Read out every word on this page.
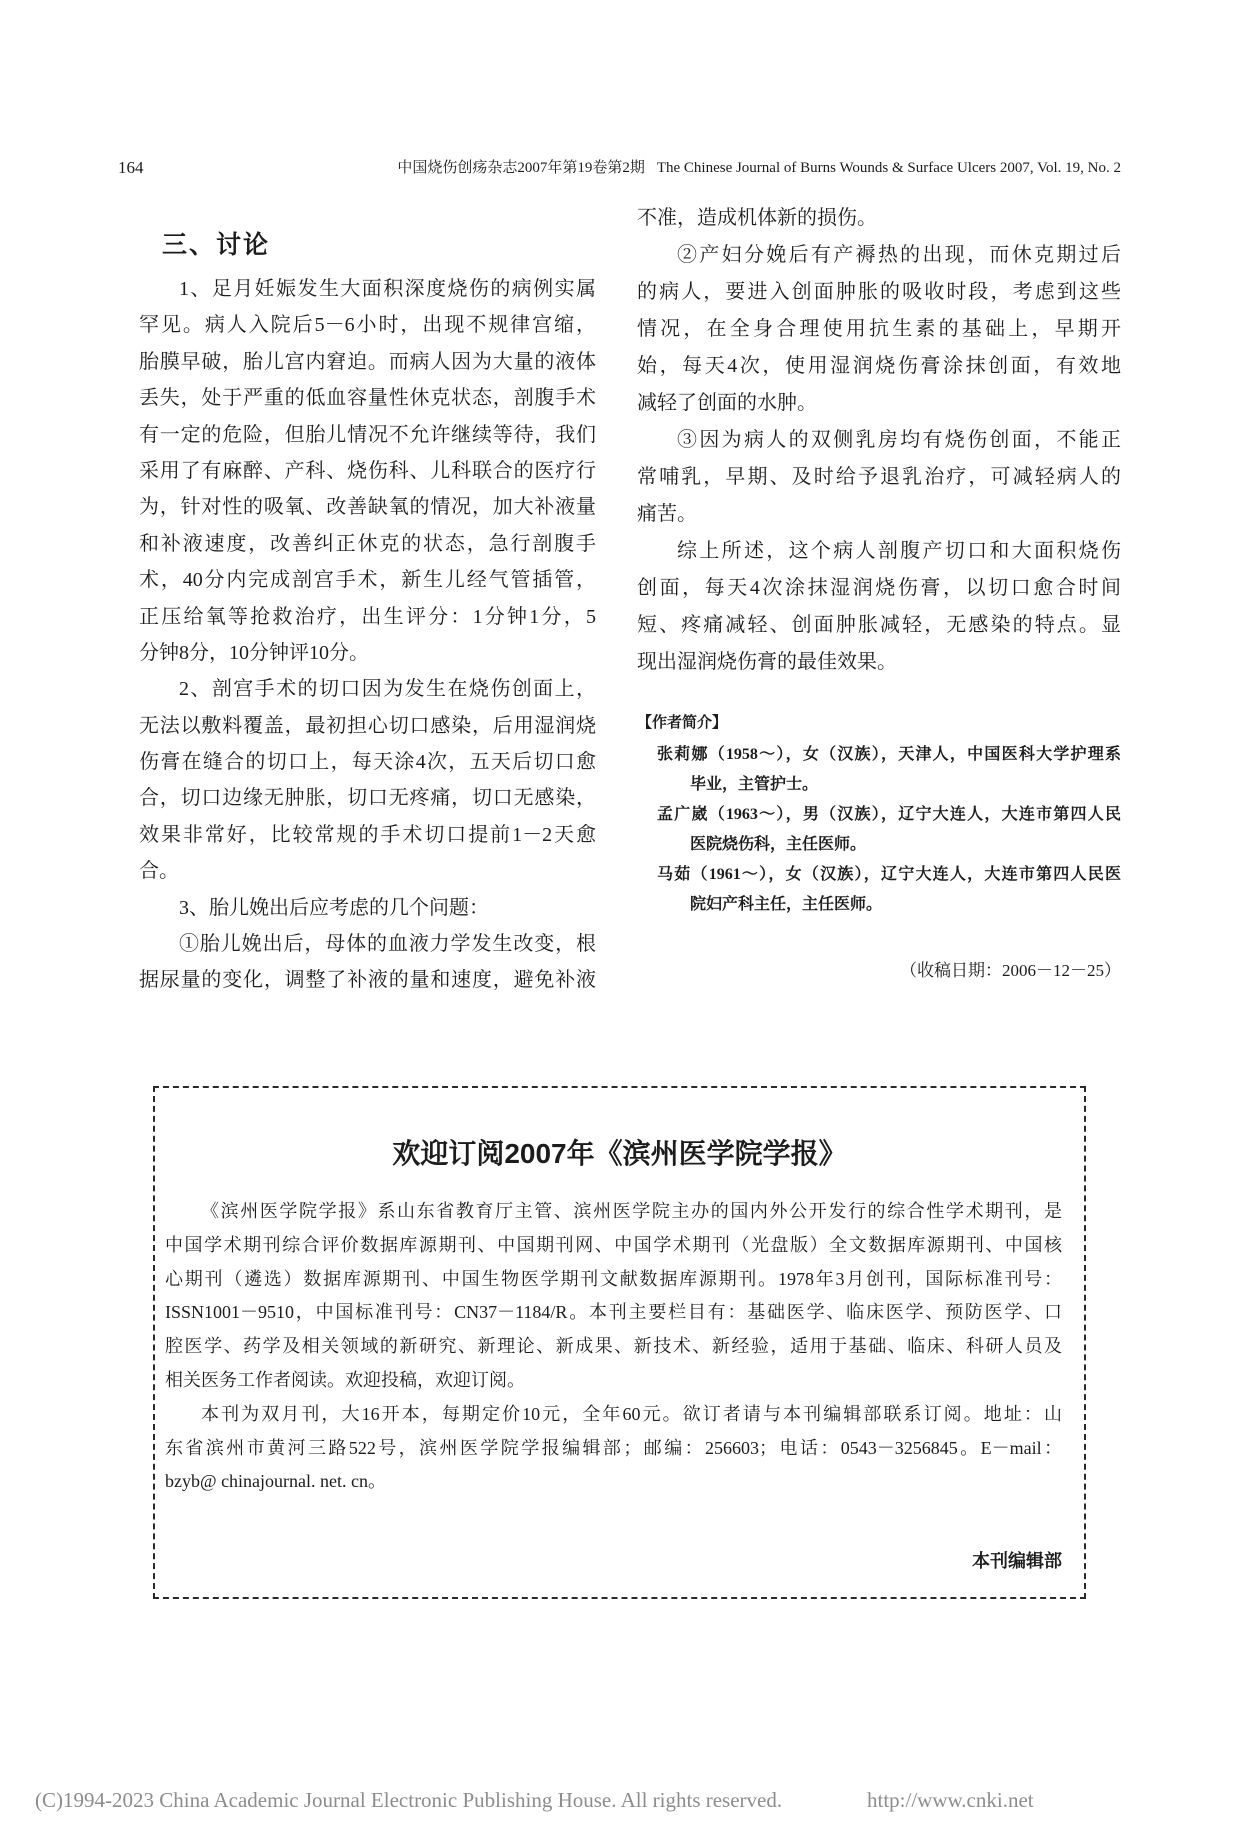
164	中国烧伤创疡杂志2007年第19卷第2期 The Chinese Journal of Burns Wounds & Surface Ulcers 2007, Vol. 19, No. 2
三、讨论
1、足月妊娠发生大面积深度烧伤的病例实属
罕见。病人入院后5－6小时，出现不规律宫缩，
胎膜早破，胎儿宫内窘迫。而病人因为大量的液体
丢失，处于严重的低血容量性休克状态，剖腹手术
有一定的危险，但胎儿情况不允许继续等待，我们
采用了有麻醉、产科、烧伤科、儿科联合的医疗行
为，针对性的吸氧、改善缺氧的情况，加大补液量
和补液速度，改善纠正休克的状态，急行剖腹手
术，40分内完成剖宫手术，新生儿经气管插管，
正压给氧等抢救治疗，出生评分：1分钟1分，5
分钟8分，10分钟评10分。
2、剖宫手术的切口因为发生在烧伤创面上，
无法以敷料覆盖，最初担心切口感染，后用湿润烧
伤膏在缝合的切口上，每天涂4次，五天后切口愈
合，切口边缘无肿胀，切口无疼痛，切口无感染，
效果非常好，比较常规的手术切口提前1－2天愈
合。
3、胎儿娩出后应考虑的几个问题：
①胎儿娩出后，母体的血液力学发生改变，根
据尿量的变化，调整了补液的量和速度，避免补液
不准，造成机体新的损伤。
②产妇分娩后有产褥热的出现，而休克期过后
的病人，要进入创面肿胀的吸收时段，考虑到这些
情况，在全身合理使用抗生素的基础上，早期开
始，每天4次，使用湿润烧伤膏涂抹创面，有效地
减轻了创面的水肿。
③因为病人的双侧乳房均有烧伤创面，不能正
常哺乳，早期、及时给予退乳治疗，可减轻病人的
痛苦。
综上所述，这个病人剖腹产切口和大面积烧伤
创面，每天4次涂抹湿润烧伤膏，以切口愈合时间
短、疼痛减轻、创面肿胀减轻，无感染的特点。显
现出湿润烧伤膏的最佳效果。
【作者简介】
张莉娜（1958～），女（汉族），天津人，中国医科大学护理系
毕业，主管护士。
孟广崴（1963～），男（汉族），辽宁大连人，大连市第四人民
医院烧伤科，主任医师。
马茹（1961～），女（汉族），辽宁大连人，大连市第四人民医
院妇产科主任，主任医师。
（收稿日期：2006－12－25）
欢迎订阅2007年《滨州医学院学报》
《滨州医学院学报》系山东省教育厅主管、滨州医学院主办的国内外公开发行的综合性学术期刊，是
中国学术期刊综合评价数据库源期刊、中国期刊网、中国学术期刊（光盘版）全文数据库源期刊、中国核
心期刊（遴选）数据库源期刊、中国生物医学期刊文献数据库源期刊。1978年3月创刊，国际标准刊号：
ISSN1001－9510，中国标准刊号：CN37－1184/R。本刊主要栏目有：基础医学、临床医学、预防医学、口
腔医学、药学及相关领域的新研究、新理论、新成果、新技术、新经验，适用于基础、临床、科研人员及
相关医务工作者阅读。欢迎投稿，欢迎订阅。
本刊为双月刊，大16开本，每期定价10元，全年60元。欲订者请与本刊编辑部联系订阅。地址：山
东省滨州市黄河三路522号，滨州医学院学报编辑部；邮编：256603；电话：0543－3256845。E－mail：
bzyb@ chinajournal. net. cn。
本刊编辑部
(C)1994-2023 China Academic Journal Electronic Publishing House. All rights reserved.	http://www.cnki.net
